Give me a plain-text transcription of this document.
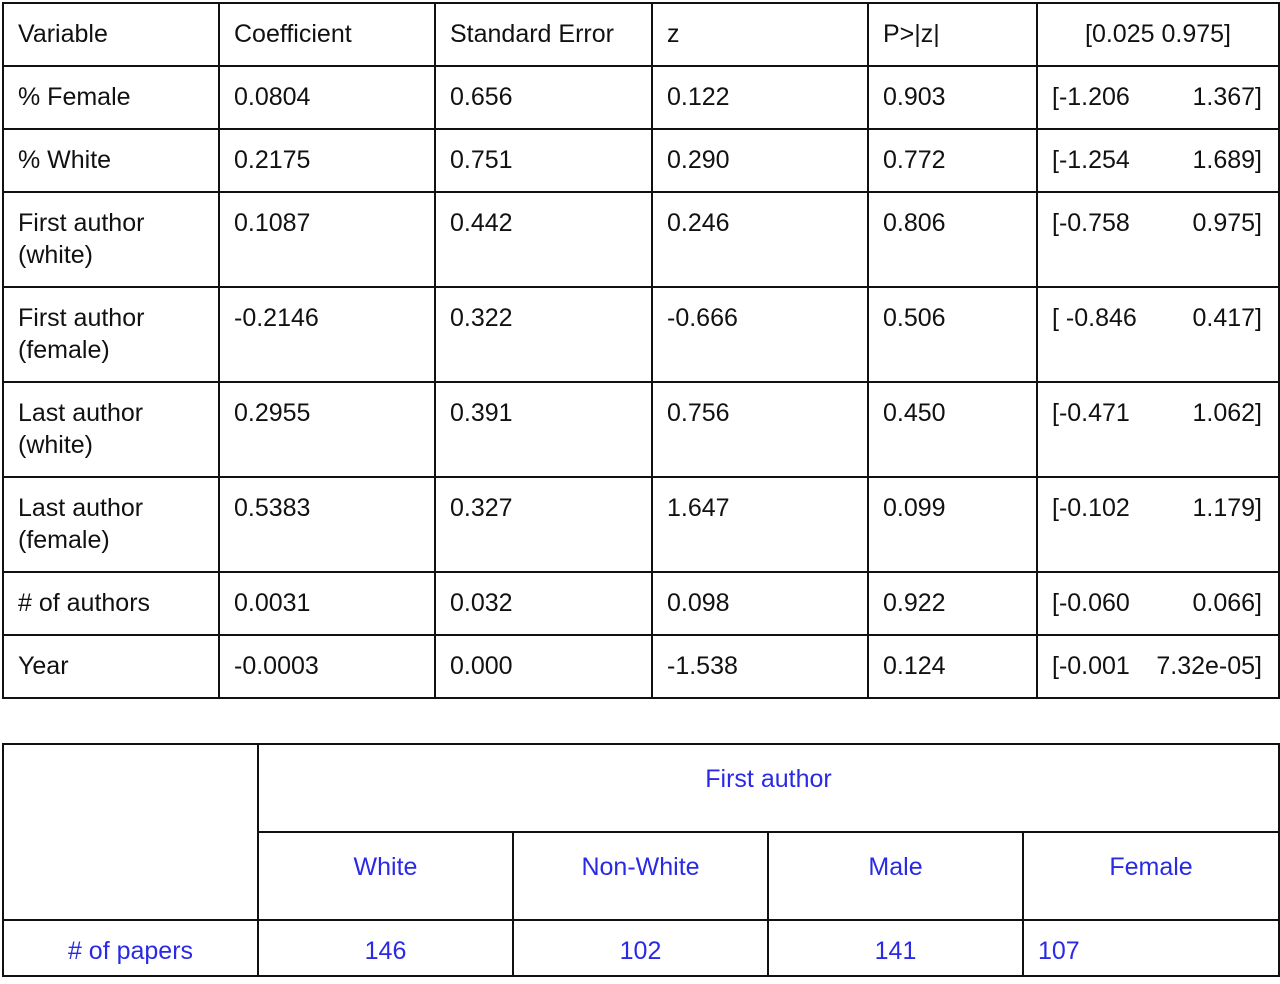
Variable	Coefficient	Standard Error	z	P>|z|	[0.025 0.975]
% Female	0.0804	0.656	0.122	0.903	[-1.206 1.367]

% White	0.2175	0.751	0.290	0.772	[-1.254 1.689]

First author (white)	0.1087	0.442	0.246	0.806	[-0.758 0.975]

First author (female)	-0.2146	0.322	-0.666	0.506	[ -0.846 0.417]

Last author (white)	0.2955	0.391	0.756	0.450	[-0.471 1.062]

Last author (female)	0.5383	0.327	1.647	0.099	[-0.102 1.179]

# of authors	0.0031	0.032	0.098	0.922	[-0.060 0.066]

Year	-0.0003	0.000	-1.538	0.124	[-0.001 7.32e-05]
	First author			
	White	Non-White	Male	Female
# of papers	146	102	141	107
